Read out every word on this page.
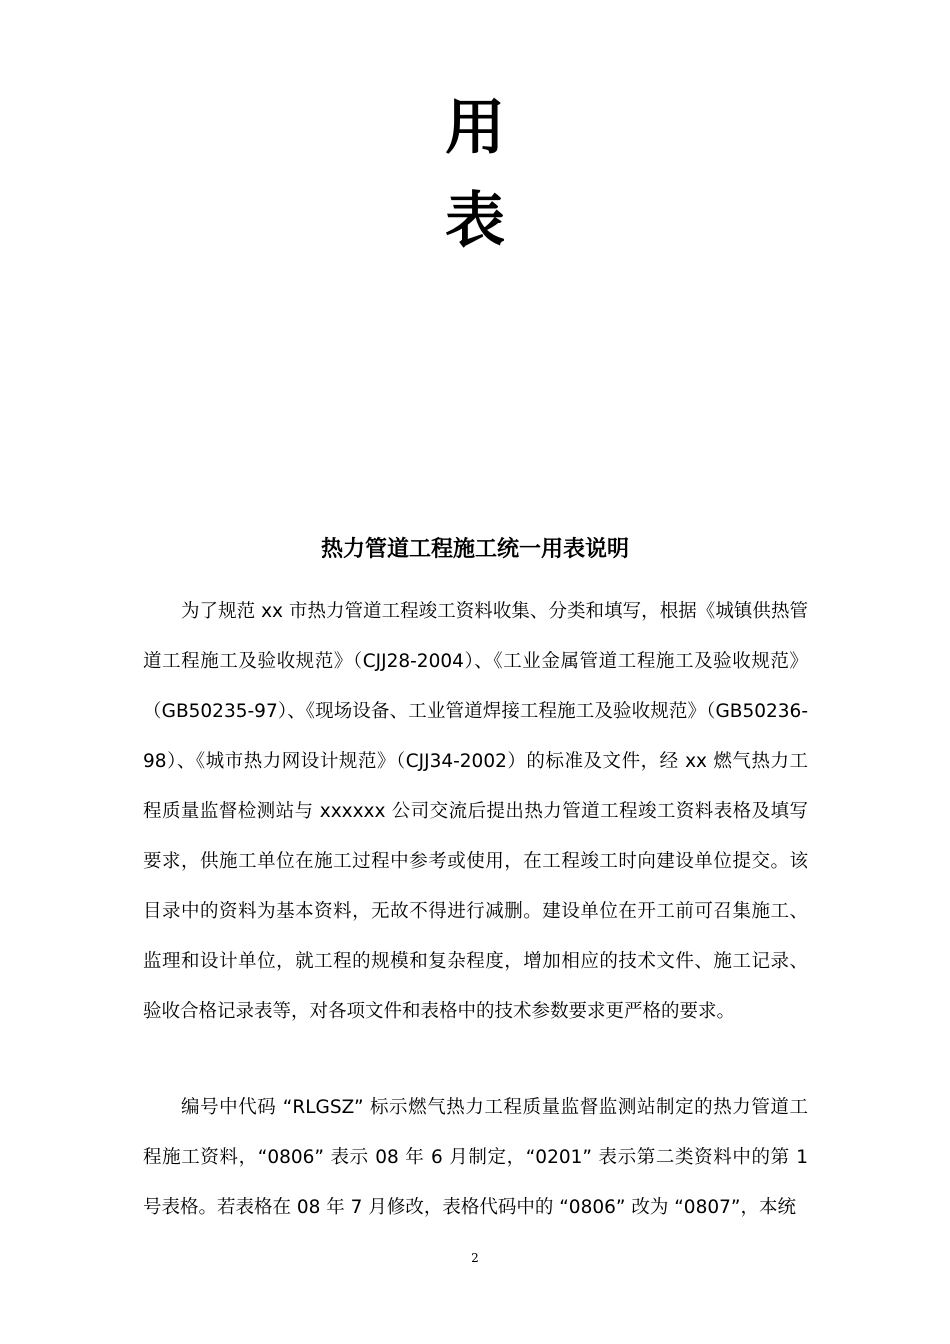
用
表
热力管道工程施工统一用表说明

为了规范 xx 市热力管道工程竣工资料收集、分类和填写，根据《城镇供热管道工程施工及验收规范》（CJJ28-2004）、《工业金属管道工程施工及验收规范》（GB50235-97）、《现场设备、工业管道焊接工程施工及验收规范》（GB50236-98）、《城市热力网设计规范》（CJJ34-2002）的标准及文件，经 xx 燃气热力工程质量监督检测站与 xxxxxx 公司交流后提出热力管道工程竣工资料表格及填写要求，供施工单位在施工过程中参考或使用，在工程竣工时向建设单位提交。该目录中的资料为基本资料，无故不得进行减删。建设单位在开工前可召集施工、监理和设计单位，就工程的规模和复杂程度，增加相应的技术文件、施工记录、验收合格记录表等，对各项文件和表格中的技术参数要求更严格的要求。

编号中代码 “RLGSZ” 标示燃气热力工程质量监督监测站制定的热力管道工程施工资料，“0806” 表示 08 年 6 月制定，“0201” 表示第二类资料中的第 1 号表格。若表格在 08 年 7 月修改，表格代码中的 “0806” 改为 “0807”，本统

2
